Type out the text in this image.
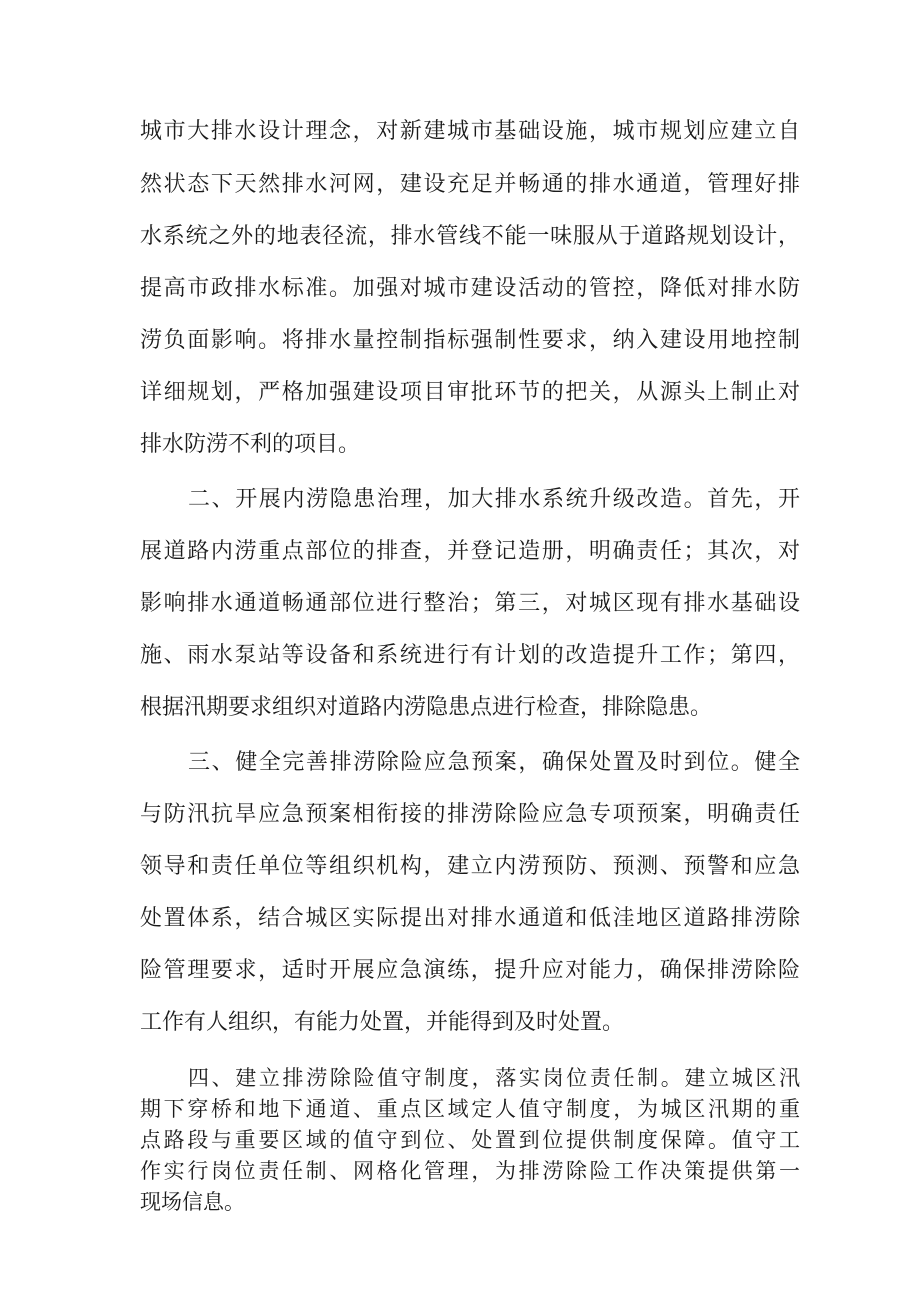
城市大排水设计理念，对新建城市基础设施，城市规划应建立自
然状态下天然排水河网，建设充足并畅通的排水通道，管理好排
水系统之外的地表径流，排水管线不能一味服从于道路规划设计，
提高市政排水标准。加强对城市建设活动的管控，降低对排水防
涝负面影响。将排水量控制指标强制性要求，纳入建设用地控制
详细规划，严格加强建设项目审批环节的把关，从源头上制止对
排水防涝不利的项目。
二、开展内涝隐患治理，加大排水系统升级改造。首先，开
展道路内涝重点部位的排查，并登记造册，明确责任；其次，对
影响排水通道畅通部位进行整治；第三，对城区现有排水基础设
施、雨水泵站等设备和系统进行有计划的改造提升工作；第四，
根据汛期要求组织对道路内涝隐患点进行检查，排除隐患。
三、健全完善排涝除险应急预案，确保处置及时到位。健全
与防汛抗旱应急预案相衔接的排涝除险应急专项预案，明确责任
领导和责任单位等组织机构，建立内涝预防、预测、预警和应急
处置体系，结合城区实际提出对排水通道和低洼地区道路排涝除
险管理要求，适时开展应急演练，提升应对能力，确保排涝除险
工作有人组织，有能力处置，并能得到及时处置。
四、建立排涝除险值守制度，落实岗位责任制。建立城区汛
期下穿桥和地下通道、重点区域定人值守制度，为城区汛期的重
点路段与重要区域的值守到位、处置到位提供制度保障。值守工
作实行岗位责任制、网格化管理，为排涝除险工作决策提供第一
现场信息。
